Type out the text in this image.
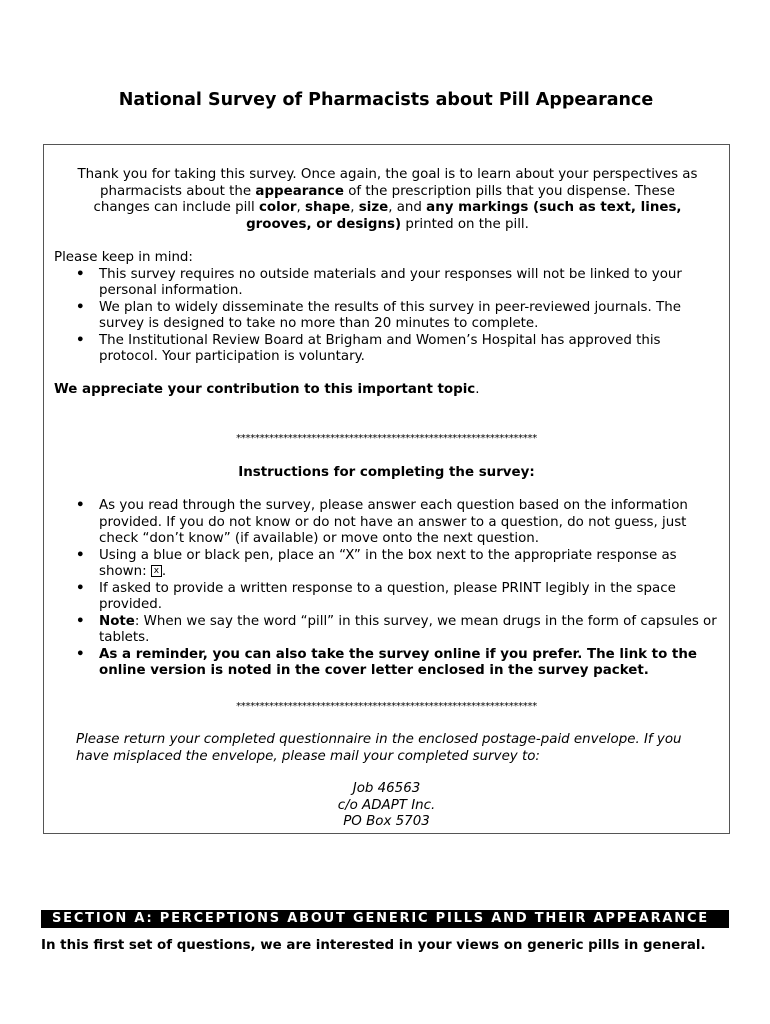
National Survey of Pharmacists about Pill Appearance
Thank you for taking this survey. Once again, the goal is to learn about your perspectives as pharmacists about the appearance of the prescription pills that you dispense. These changes can include pill color, shape, size, and any markings (such as text, lines, grooves, or designs) printed on the pill.
Please keep in mind:
• This survey requires no outside materials and your responses will not be linked to your personal information.
• We plan to widely disseminate the results of this survey in peer-reviewed journals. The survey is designed to take no more than 20 minutes to complete.
• The Institutional Review Board at Brigham and Women’s Hospital has approved this protocol. Your participation is voluntary.
We appreciate your contribution to this important topic.
****************************************************************
Instructions for completing the survey:
• As you read through the survey, please answer each question based on the information provided. If you do not know or do not have an answer to a question, do not guess, just check “don’t know” (if available) or move onto the next question.
• Using a blue or black pen, place an “X” in the box next to the appropriate response as shown: x .
• If asked to provide a written response to a question, please PRINT legibly in the space provided.
• Note: When we say the word “pill” in this survey, we mean drugs in the form of capsules or tablets.
• As a reminder, you can also take the survey online if you prefer. The link to the online version is noted in the cover letter enclosed in the survey packet.
****************************************************************
Please return your completed questionnaire in the enclosed postage-paid envelope. If you have misplaced the envelope, please mail your completed survey to:
Job 46563
c/o ADAPT Inc.
PO Box 5703
SECTION A: PERCEPTIONS ABOUT GENERIC PILLS AND THEIR APPEARANCE
In this first set of questions, we are interested in your views on generic pills in general.
